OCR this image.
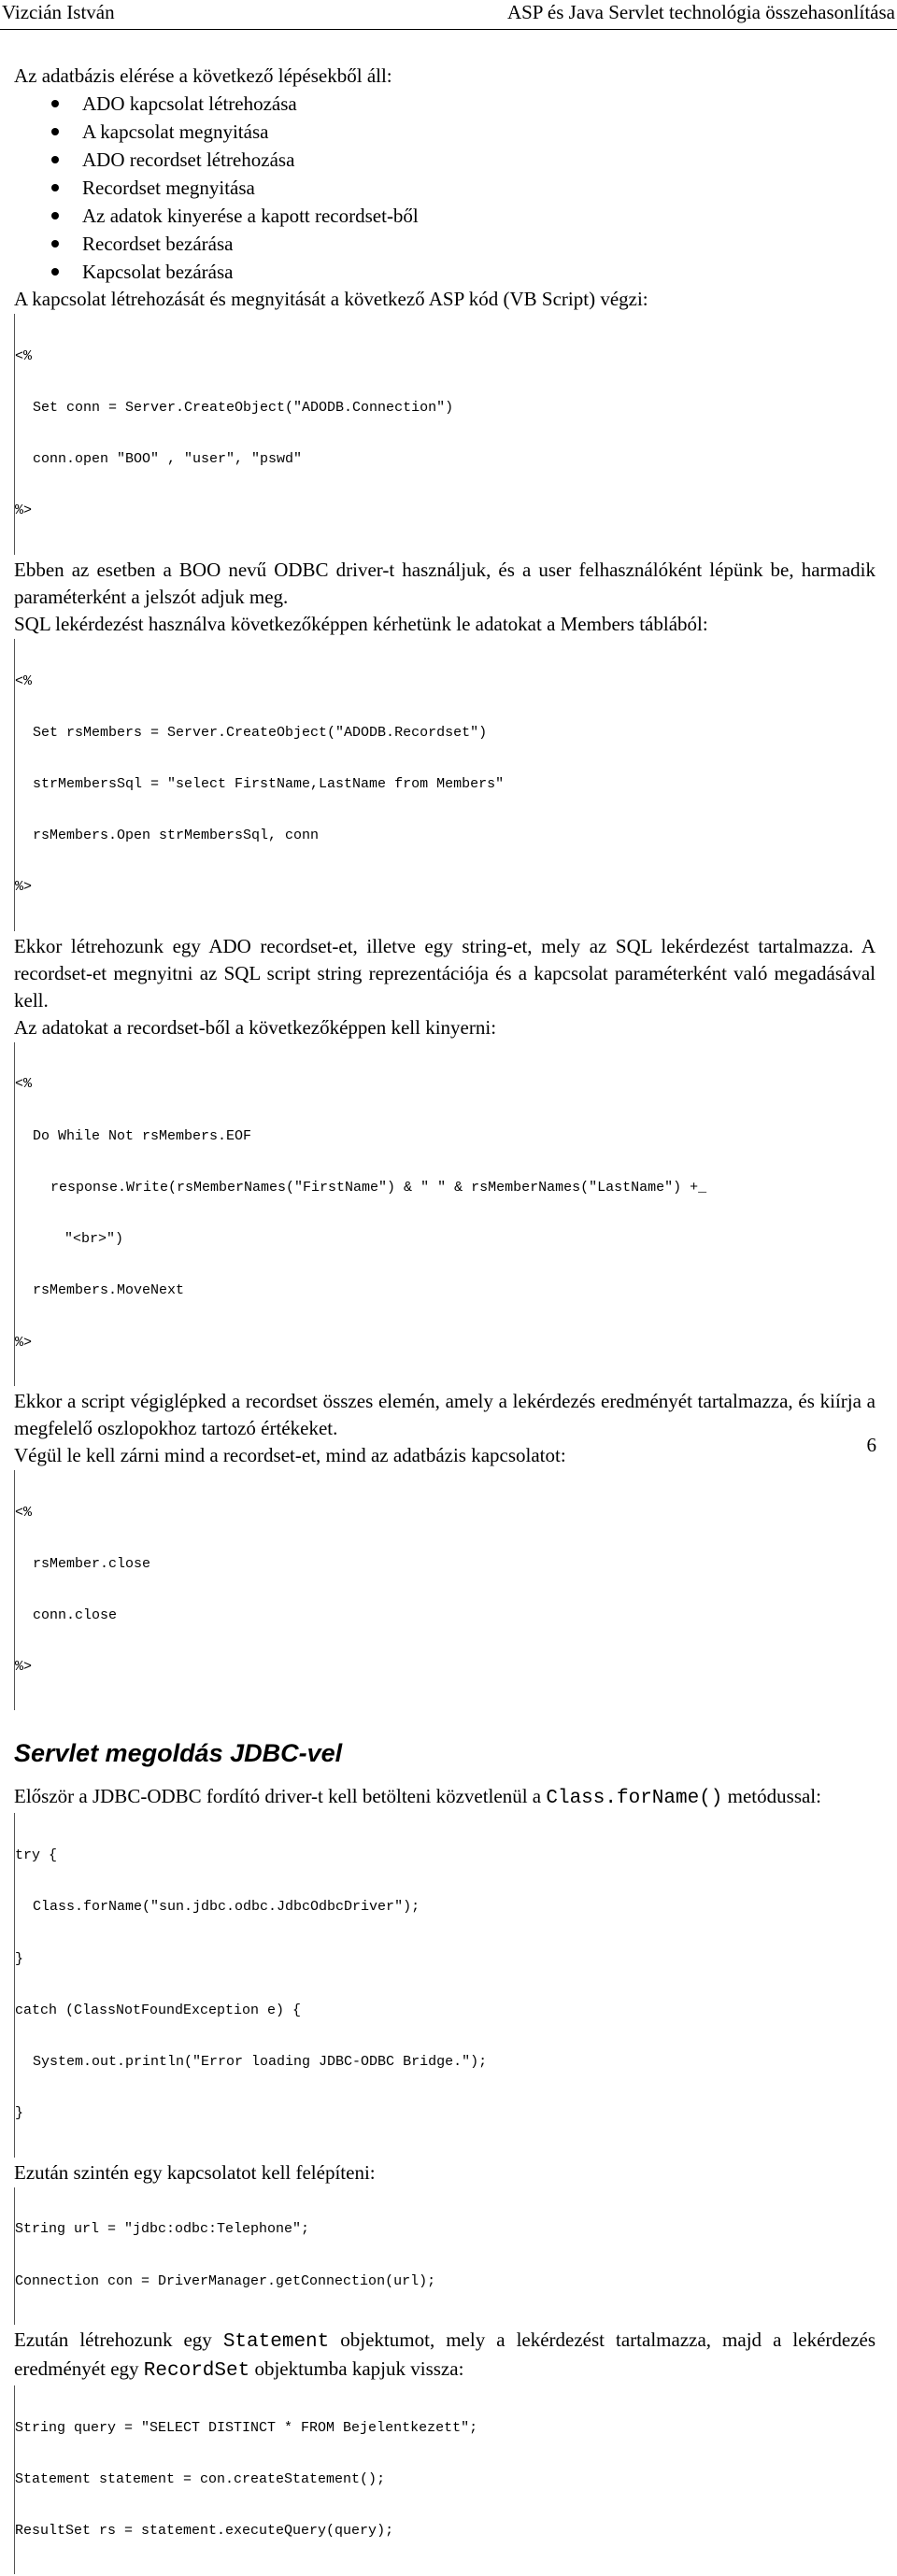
Vizcián István	ASP és Java Servlet technológia összehasonlítása

Az adatbázis elérése a következő lépésekből áll:

ADO kapcsolat létrehozása
A kapcsolat megnyitása
ADO recordset létrehozása
Recordset megnyitása
Az adatok kinyerése a kapott recordset-ből
Recordset bezárása
Kapcsolat bezárása

A kapcsolat létrehozását és megnyitását a következő ASP kód (VB Script) végzi:

<%

Set conn = Server.CreateObject("ADODB.Connection")

conn.open "BOO" , "user", "pswd"

%>

Ebben az esetben a BOO nevű ODBC driver-t használjuk, és a user felhasználóként lépünk be, harmadik paraméterként a jelszót adjuk meg.

SQL lekérdezést használva következőképpen kérhetünk le adatokat a Members táblából:

<%

Set rsMembers = Server.CreateObject("ADODB.Recordset")

strMembersSql = "select FirstName,LastName from Members"

rsMembers.Open strMembersSql, conn

%>

Ekkor létrehozunk egy ADO recordset-et, illetve egy string-et, mely az SQL lekérdezést tartalmazza. A recordset-et megnyitni az SQL script string reprezentációja és a kapcsolat paraméterként való megadásával kell.

Az adatokat a recordset-ből a következőképpen kell kinyerni:

<%

Do While Not rsMembers.EOF

response.Write(rsMemberNames("FirstName") & " " & rsMemberNames("LastName") +_

"<br>")

rsMembers.MoveNext

%>

Ekkor a script végiglépked a recordset összes elemén, amely a lekérdezés eredményét tartalmazza, és kiírja a megfelelő oszlopokhoz tartozó értékeket.

Végül le kell zárni mind a recordset-et, mind az adatbázis kapcsolatot:

<%

rsMember.close

conn.close

%>

Servlet megoldás JDBC-vel

Először a JDBC-ODBC fordító driver-t kell betölteni közvetlenül a Class.forName() metódussal:

try {

Class.forName("sun.jdbc.odbc.JdbcOdbcDriver");

}

catch (ClassNotFoundException e) {

System.out.println("Error loading JDBC-ODBC Bridge.");

}

Ezután szintén egy kapcsolatot kell felépíteni:

String url = "jdbc:odbc:Telephone";

Connection con = DriverManager.getConnection(url);

Ezután létrehozunk egy Statement objektumot, mely a lekérdezést tartalmazza, majd a lekérdezés eredményét egy RecordSet objektumba kapjuk vissza:

String query = "SELECT DISTINCT * FROM Bejelentkezett";

Statement statement = con.createStatement();

ResultSet rs = statement.executeQuery(query);

6
